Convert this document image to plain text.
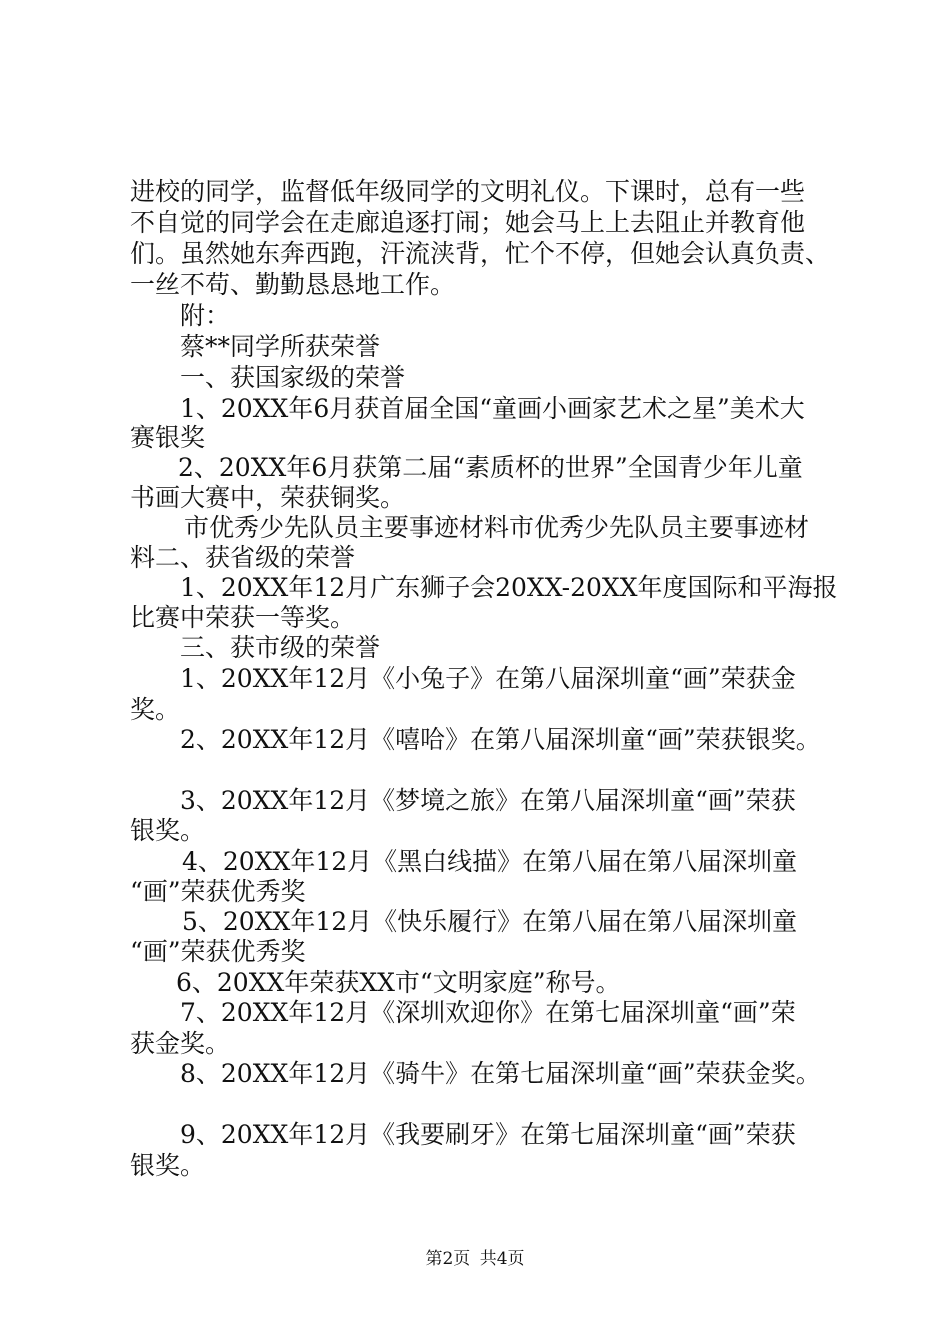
进校的同学，监督低年级同学的文明礼仪。下课时，总有一些
不自觉的同学会在走廊追逐打闹；她会马上上去阻止并教育他
们。虽然她东奔西跑，汗流浃背，忙个不停，但她会认真负责、
一丝不苟、勤勤恳恳地工作。
附：
蔡**同学所获荣誉
一、获国家级的荣誉
1、20XX年6月获首届全国“童画小画家艺术之星”美术大
赛银奖
2、20XX年6月获第二届“素质杯的世界”全国青少年儿童
书画大赛中，荣获铜奖。
市优秀少先队员主要事迹材料市优秀少先队员主要事迹材
料二、获省级的荣誉
1、20XX年12月广东狮子会20XX-20XX年度国际和平海报
比赛中荣获一等奖。
三、获市级的荣誉
1、20XX年12月《小兔子》在第八届深圳童“画”荣获金
奖。
2、20XX年12月《嘻哈》在第八届深圳童“画”荣获银奖。
3、20XX年12月《梦境之旅》在第八届深圳童“画”荣获
银奖。
4、20XX年12月《黑白线描》在第八届在第八届深圳童
“画”荣获优秀奖
5、20XX年12月《快乐履行》在第八届在第八届深圳童
“画”荣获优秀奖
6、20XX年荣获XX市“文明家庭”称号。
7、20XX年12月《深圳欢迎你》在第七届深圳童“画”荣
获金奖。
8、20XX年12月《骑牛》在第七届深圳童“画”荣获金奖。
9、20XX年12月《我要刷牙》在第七届深圳童“画”荣获
银奖。
第2页 共4页
